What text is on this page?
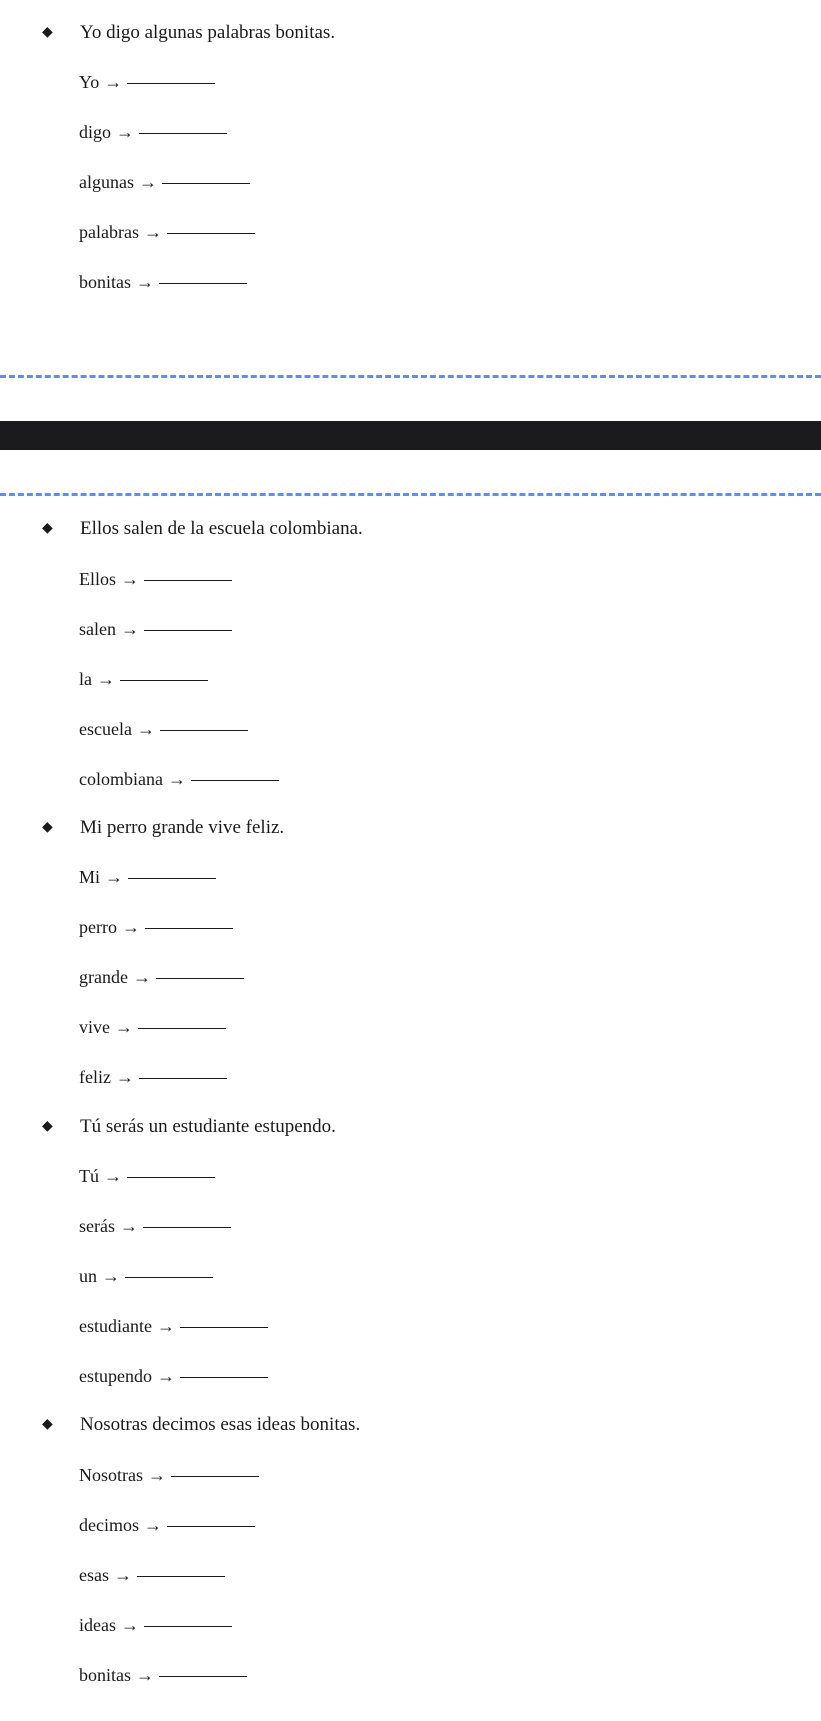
◆ Yo digo algunas palabras bonitas.
Yo →
digo →
algunas →
palabras →
bonitas →
◆ Ellos salen de la escuela colombiana.
Ellos →
salen →
la →
escuela →
colombiana →
◆ Mi perro grande vive feliz.
Mi →
perro →
grande →
vive →
feliz →
◆ Tú serás un estudiante estupendo.
Tú →
serás →
un →
estudiante →
estupendo →
◆ Nosotras decimos esas ideas bonitas.
Nosotras →
decimos →
esas →
ideas →
bonitas →
